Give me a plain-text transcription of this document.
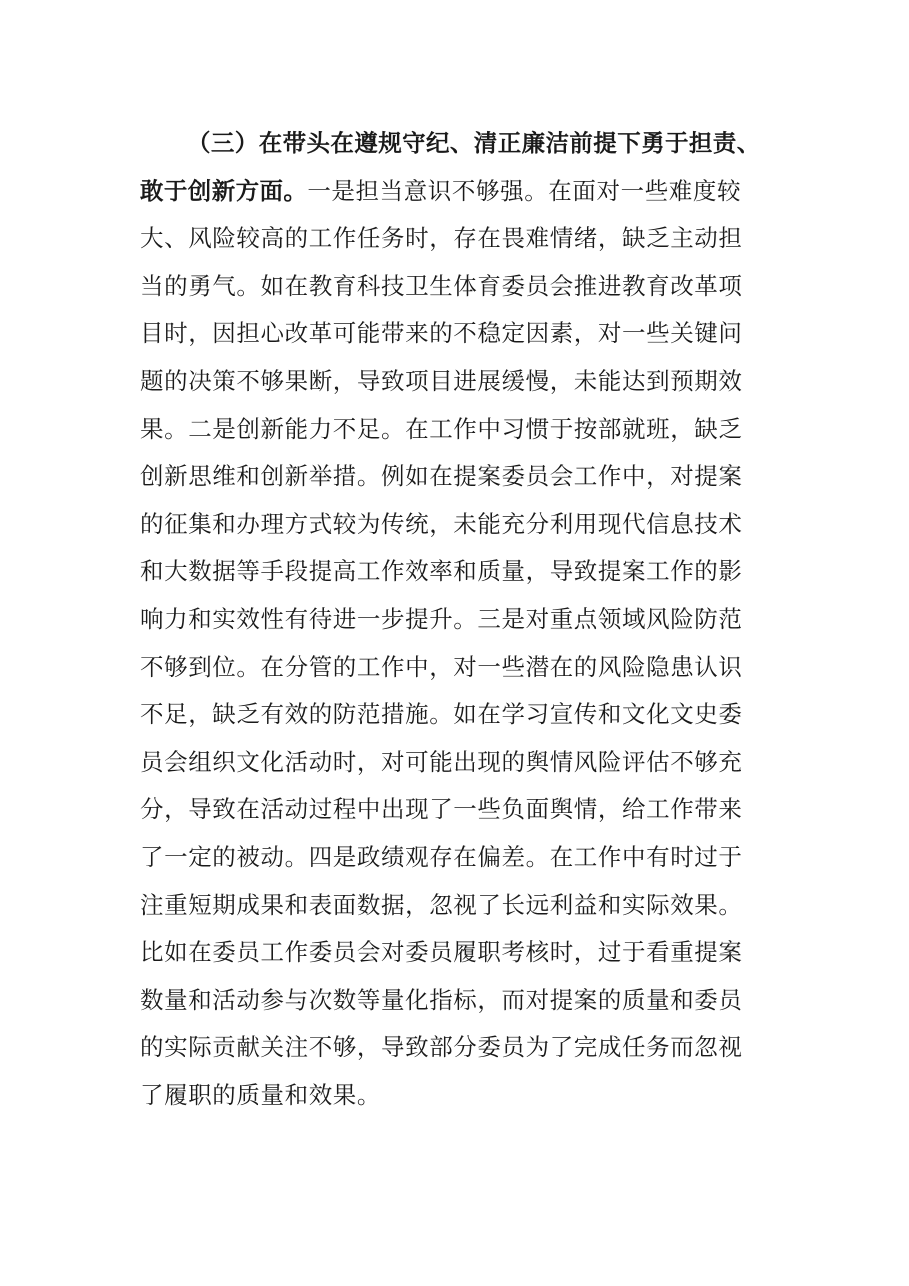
（三）在带头在遵规守纪、清正廉洁前提下勇于担责、
敢于创新方面。一是担当意识不够强。在面对一些难度较
大、风险较高的工作任务时，存在畏难情绪，缺乏主动担
当的勇气。如在教育科技卫生体育委员会推进教育改革项
目时，因担心改革可能带来的不稳定因素，对一些关键问
题的决策不够果断，导致项目进展缓慢，未能达到预期效
果。二是创新能力不足。在工作中习惯于按部就班，缺乏
创新思维和创新举措。例如在提案委员会工作中，对提案
的征集和办理方式较为传统，未能充分利用现代信息技术
和大数据等手段提高工作效率和质量，导致提案工作的影
响力和实效性有待进一步提升。三是对重点领域风险防范
不够到位。在分管的工作中，对一些潜在的风险隐患认识
不足，缺乏有效的防范措施。如在学习宣传和文化文史委
员会组织文化活动时，对可能出现的舆情风险评估不够充
分，导致在活动过程中出现了一些负面舆情，给工作带来
了一定的被动。四是政绩观存在偏差。在工作中有时过于
注重短期成果和表面数据，忽视了长远利益和实际效果。
比如在委员工作委员会对委员履职考核时，过于看重提案
数量和活动参与次数等量化指标，而对提案的质量和委员
的实际贡献关注不够，导致部分委员为了完成任务而忽视
了履职的质量和效果。
